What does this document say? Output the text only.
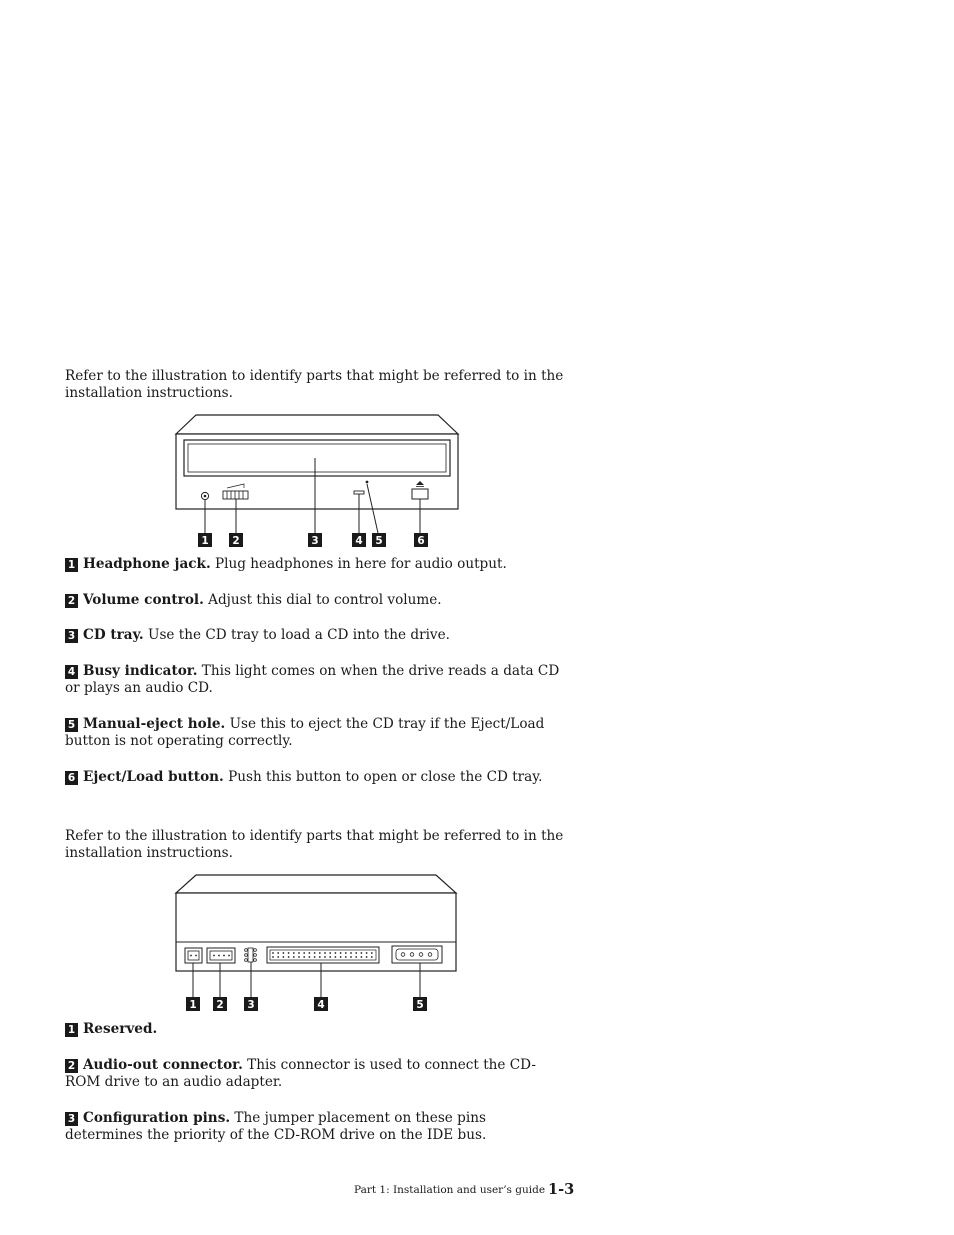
Refer to the illustration to identify parts that might be referred to in the installation instructions.

1 2	3	4 5	6

1 Headphone jack. Plug headphones in here for audio output.

2 Volume control. Adjust this dial to control volume.

3 CD tray. Use the CD tray to load a CD into the drive.

4 Busy indicator. This light comes on when the drive reads a data CD or plays an audio CD.

5 Manual-eject hole. Use this to eject the CD tray if the Eject/Load button is not operating correctly.

6 Eject/Load button. Push this button to open or close the CD tray.

Refer to the illustration to identify parts that might be referred to in the installation instructions.

1 2 3	4	5

1 Reserved.

2 Audio-out connector. This connector is used to connect the CD-ROM drive to an audio adapter.

3 Configuration pins. The jumper placement on these pins determines the priority of the CD-ROM drive on the IDE bus.

Part 1: Installation and user’s guide 1-3
